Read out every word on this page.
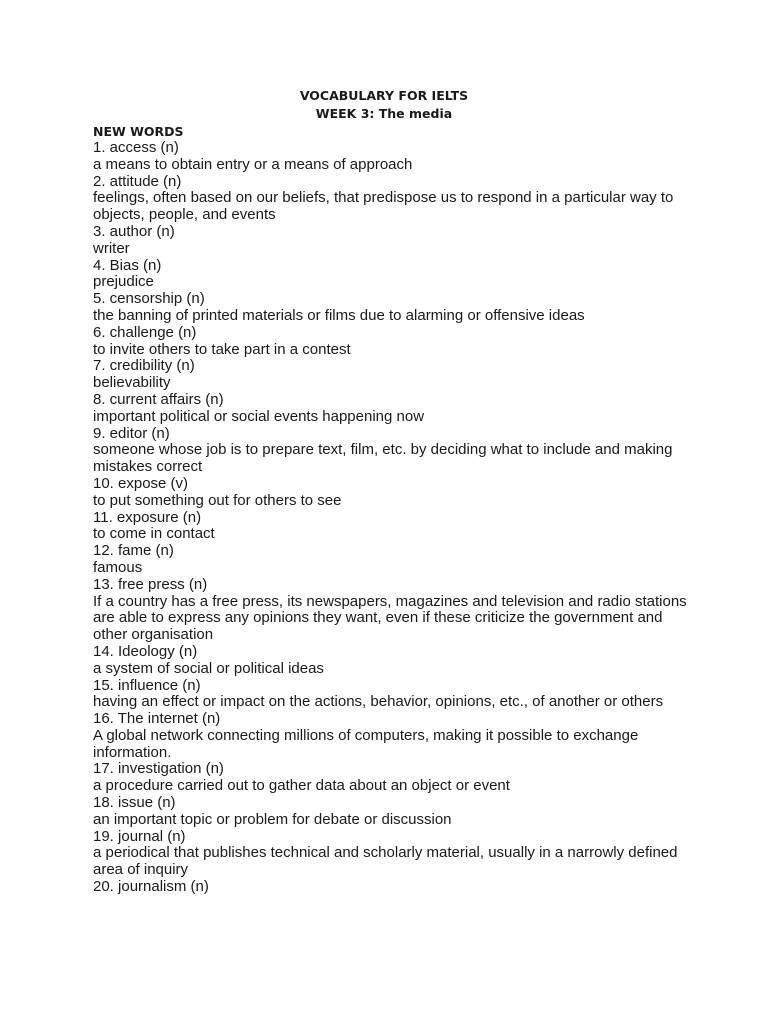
VOCABULARY FOR IELTS
WEEK 3: The media
NEW WORDS
1. access (n)
a means to obtain entry or a means of approach
2. attitude (n)
feelings, often based on our beliefs, that predispose us to respond in a particular way to objects, people, and events
3. author (n)
writer
4. Bias (n)
prejudice
5. censorship (n)
the banning of printed materials or films due to alarming or offensive ideas
6. challenge (n)
to invite others to take part in a contest
7. credibility (n)
believability
8. current affairs (n)
important political or social events happening now
9. editor (n)
someone whose job is to prepare text, film, etc. by deciding what to include and making mistakes correct
10. expose (v)
to put something out for others to see
11. exposure (n)
to come in contact
12. fame (n)
famous
13. free press (n)
If a country has a free press, its newspapers, magazines and television and radio stations are able to express any opinions they want, even if these criticize the government and other organisation
14. Ideology (n)
a system of social or political ideas
15. influence (n)
having an effect or impact on the actions, behavior, opinions, etc., of another or others
16. The internet (n)
A global network connecting millions of computers, making it possible to exchange information.
17. investigation (n)
a procedure carried out to gather data about an object or event
18. issue (n)
an important topic or problem for debate or discussion
19. journal (n)
a periodical that publishes technical and scholarly material, usually in a narrowly defined area of inquiry
20. journalism (n)
